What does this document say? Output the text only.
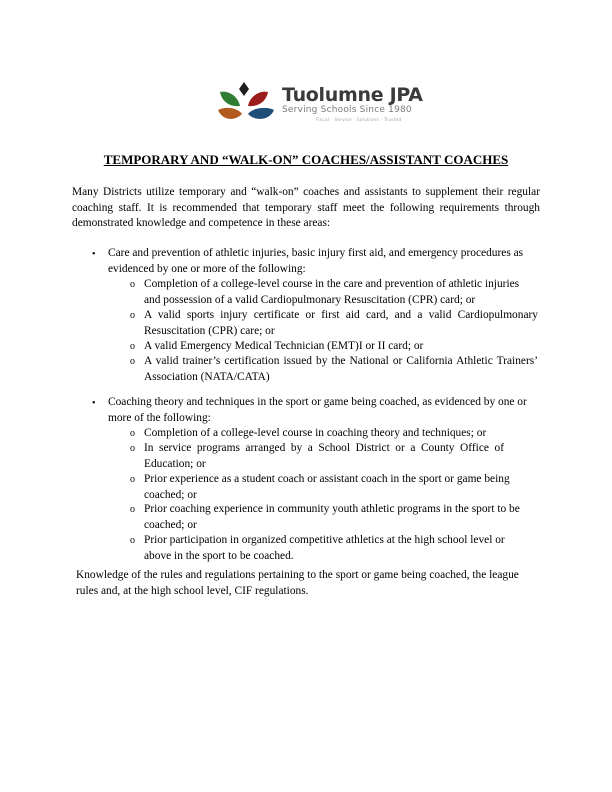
Tuolumne JPA
Serving Schools Since 1980
Fiscal · Service · Solutions · Trusted
TEMPORARY AND “WALK-ON” COACHES/ASSISTANT COACHES
Many Districts utilize temporary and “walk-on” coaches and assistants to supplement their regular coaching staff. It is recommended that temporary staff meet the following requirements through demonstrated knowledge and competence in these areas:
• Care and prevention of athletic injuries, basic injury first aid, and emergency procedures as evidenced by one or more of the following:
o Completion of a college-level course in the care and prevention of athletic injuries and possession of a valid Cardiopulmonary Resuscitation (CPR) card; or
o A valid sports injury certificate or first aid card, and a valid Cardiopulmonary Resuscitation (CPR) care; or
o A valid Emergency Medical Technician (EMT)I or II card; or
o A valid trainer’s certification issued by the National or California Athletic Trainers’ Association (NATA/CATA)
• Coaching theory and techniques in the sport or game being coached, as evidenced by one or more of the following:
o Completion of a college-level course in coaching theory and techniques; or
o In service programs arranged by a School District or a County Office of Education; or
o Prior experience as a student coach or assistant coach in the sport or game being coached; or
o Prior coaching experience in community youth athletic programs in the sport to be coached; or
o Prior participation in organized competitive athletics at the high school level or above in the sport to be coached.
Knowledge of the rules and regulations pertaining to the sport or game being coached, the league rules and, at the high school level, CIF regulations.
